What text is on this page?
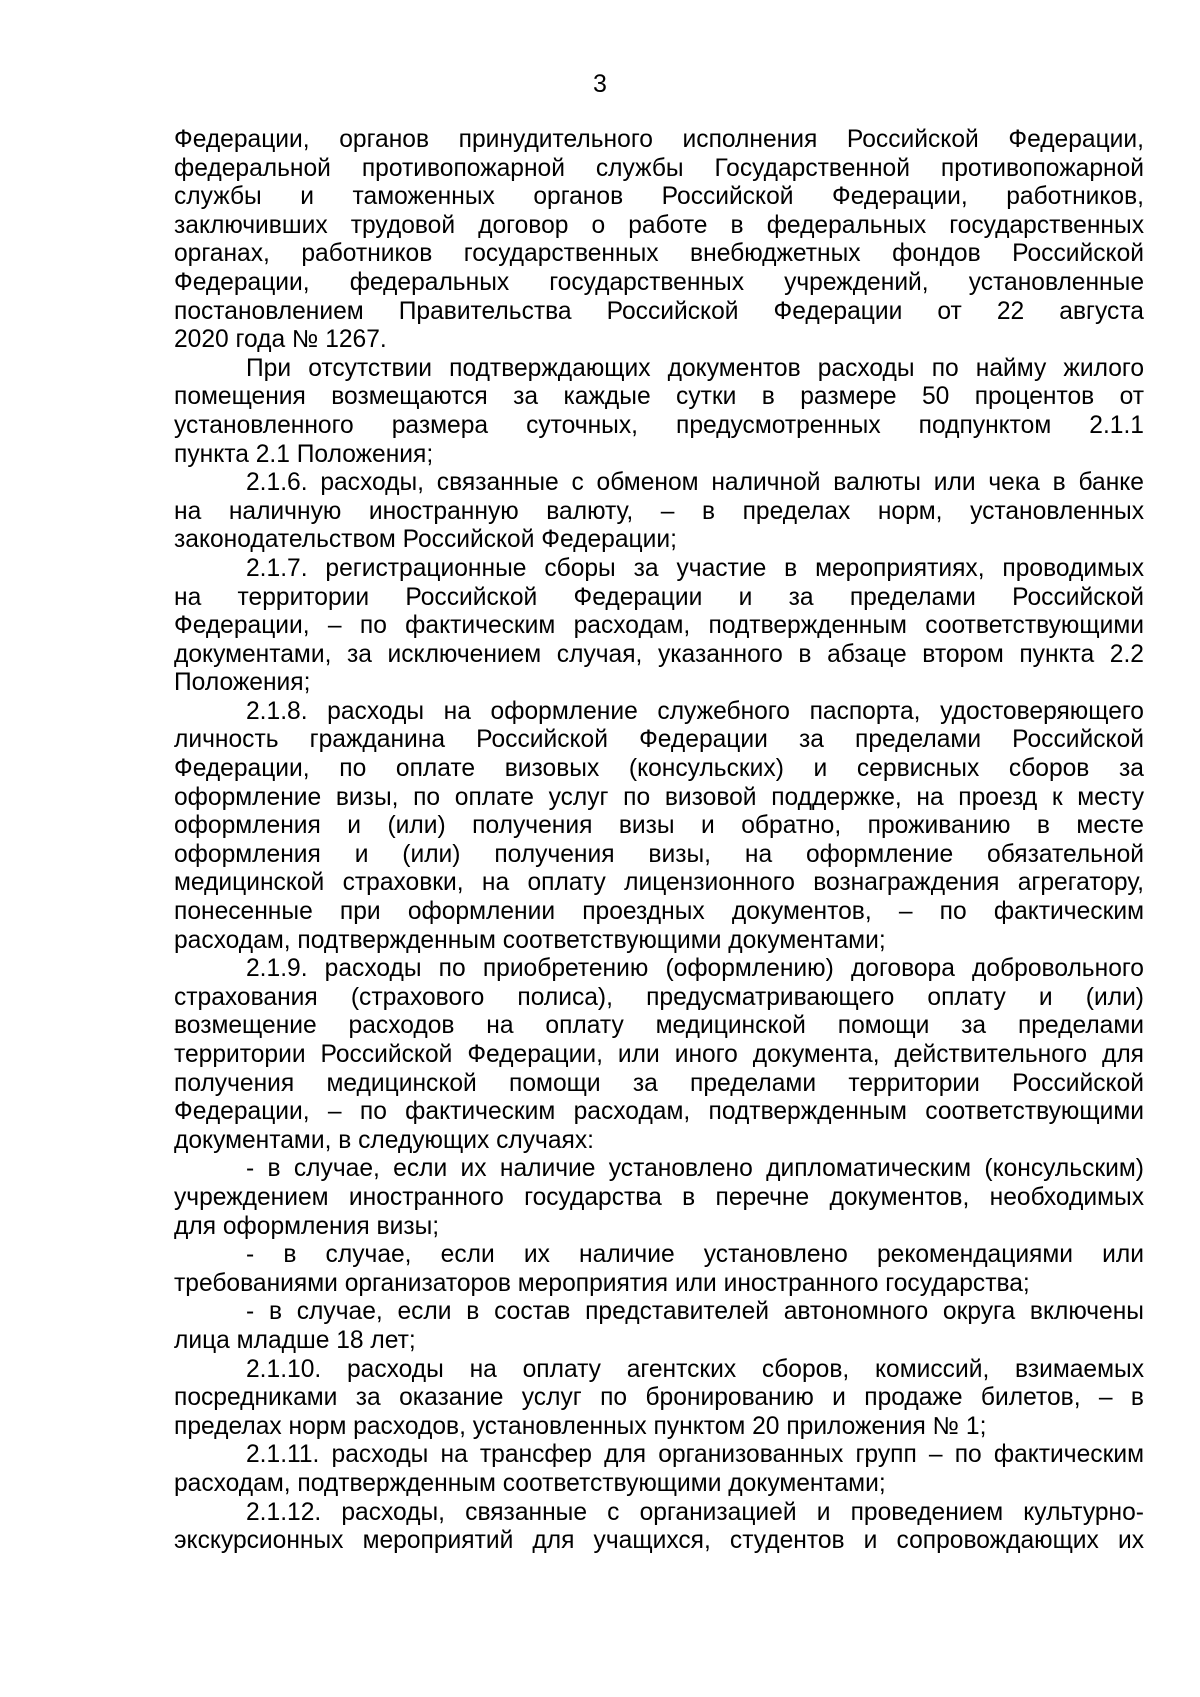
3
Федерации, органов принудительного исполнения Российской Федерации,
федеральной противопожарной службы Государственной противопожарной
службы и таможенных органов Российской Федерации, работников,
заключивших трудовой договор о работе в федеральных государственных
органах, работников государственных внебюджетных фондов Российской
Федерации, федеральных государственных учреждений, установленные
постановлением Правительства Российской Федерации от 22 августа
2020 года № 1267.
При отсутствии подтверждающих документов расходы по найму жилого
помещения возмещаются за каждые сутки в размере 50 процентов от
установленного размера суточных, предусмотренных подпунктом 2.1.1
пункта 2.1 Положения;
2.1.6. расходы, связанные с обменом наличной валюты или чека в банке
на наличную иностранную валюту, – в пределах норм, установленных
законодательством Российской Федерации;
2.1.7. регистрационные сборы за участие в мероприятиях, проводимых
на территории Российской Федерации и за пределами Российской
Федерации, – по фактическим расходам, подтвержденным соответствующими
документами, за исключением случая, указанного в абзаце втором пункта 2.2
Положения;
2.1.8. расходы на оформление служебного паспорта, удостоверяющего
личность гражданина Российской Федерации за пределами Российской
Федерации, по оплате визовых (консульских) и сервисных сборов за
оформление визы, по оплате услуг по визовой поддержке, на проезд к месту
оформления и (или) получения визы и обратно, проживанию в месте
оформления и (или) получения визы, на оформление обязательной
медицинской страховки, на оплату лицензионного вознаграждения агрегатору,
понесенные при оформлении проездных документов, – по фактическим
расходам, подтвержденным соответствующими документами;
2.1.9. расходы по приобретению (оформлению) договора добровольного
страхования (страхового полиса), предусматривающего оплату и (или)
возмещение расходов на оплату медицинской помощи за пределами
территории Российской Федерации, или иного документа, действительного для
получения медицинской помощи за пределами территории Российской
Федерации, – по фактическим расходам, подтвержденным соответствующими
документами, в следующих случаях:
- в случае, если их наличие установлено дипломатическим (консульским)
учреждением иностранного государства в перечне документов, необходимых
для оформления визы;
- в случае, если их наличие установлено рекомендациями или
требованиями организаторов мероприятия или иностранного государства;
- в случае, если в состав представителей автономного округа включены
лица младше 18 лет;
2.1.10. расходы на оплату агентских сборов, комиссий, взимаемых
посредниками за оказание услуг по бронированию и продаже билетов, – в
пределах норм расходов, установленных пунктом 20 приложения № 1;
2.1.11. расходы на трансфер для организованных групп – по фактическим
расходам, подтвержденным соответствующими документами;
2.1.12. расходы, связанные с организацией и проведением культурно-
экскурсионных мероприятий для учащихся, студентов и сопровождающих их
